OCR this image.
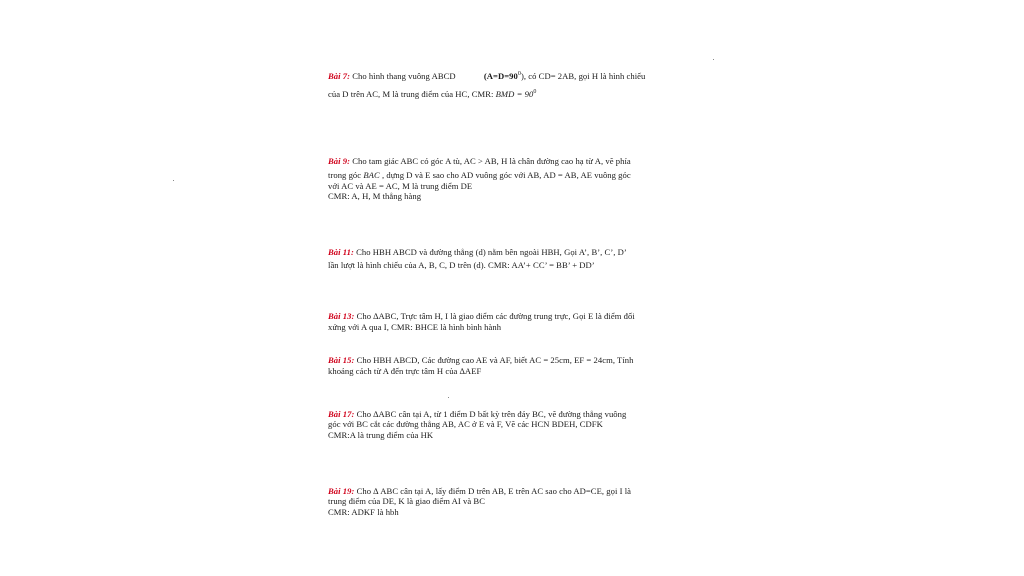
Bài 7: Cho hình thang vuông ABCD	$(A=D=90^0)$, có CD= 2AB, gọi H là hình chiếu
của D trên AC, M là trung điểm của HC, CMR: BMD = $90^0$
Bài 9: Cho tam giác ABC có góc A tù, AC > AB, H là chân đường cao hạ từ A, vẽ phía
trong góc BAC , dựng D và E sao cho AD vuông góc với AB, AD = AB, AE vuông góc
với AC và AE = AC, M là trung điểm DE
CMR: A, H, M thẳng hàng
Bài 11: Cho HBH ABCD và đường thẳng (d) nằm bên ngoài HBH, Gọi A’, B’, C’, D’
lần lượt là hình chiếu của A, B, C, D trên (d). CMR: AA’+ CC’ = BB’ + DD’
Bài 13: Cho ∆ABC, Trực tâm H, I là giao điểm các đường trung trực, Gọi E là điểm đối
xứng với A qua I, CMR: BHCE là hình bình hành
Bài 15: Cho HBH ABCD, Các đường cao AE và AF, biết AC = 25cm, EF = 24cm, Tính
khoảng cách từ A đến trực tâm H của ∆AEF
Bài 17: Cho ∆ABC cân tại A, từ 1 điểm D bất kỳ trên đáy BC, vẽ đường thẳng vuông
góc với BC cắt các đường thẳng AB, AC ở E và F, Vẽ các HCN BDEH, CDFK
CMR:A là trung điểm của HK
Bài 19: Cho ∆ ABC cân tại A, lấy điểm D trên AB, E trên AC sao cho AD=CE, gọi I là
trung điểm của DE, K là giao điểm AI và BC
CMR: ADKF là hbh
